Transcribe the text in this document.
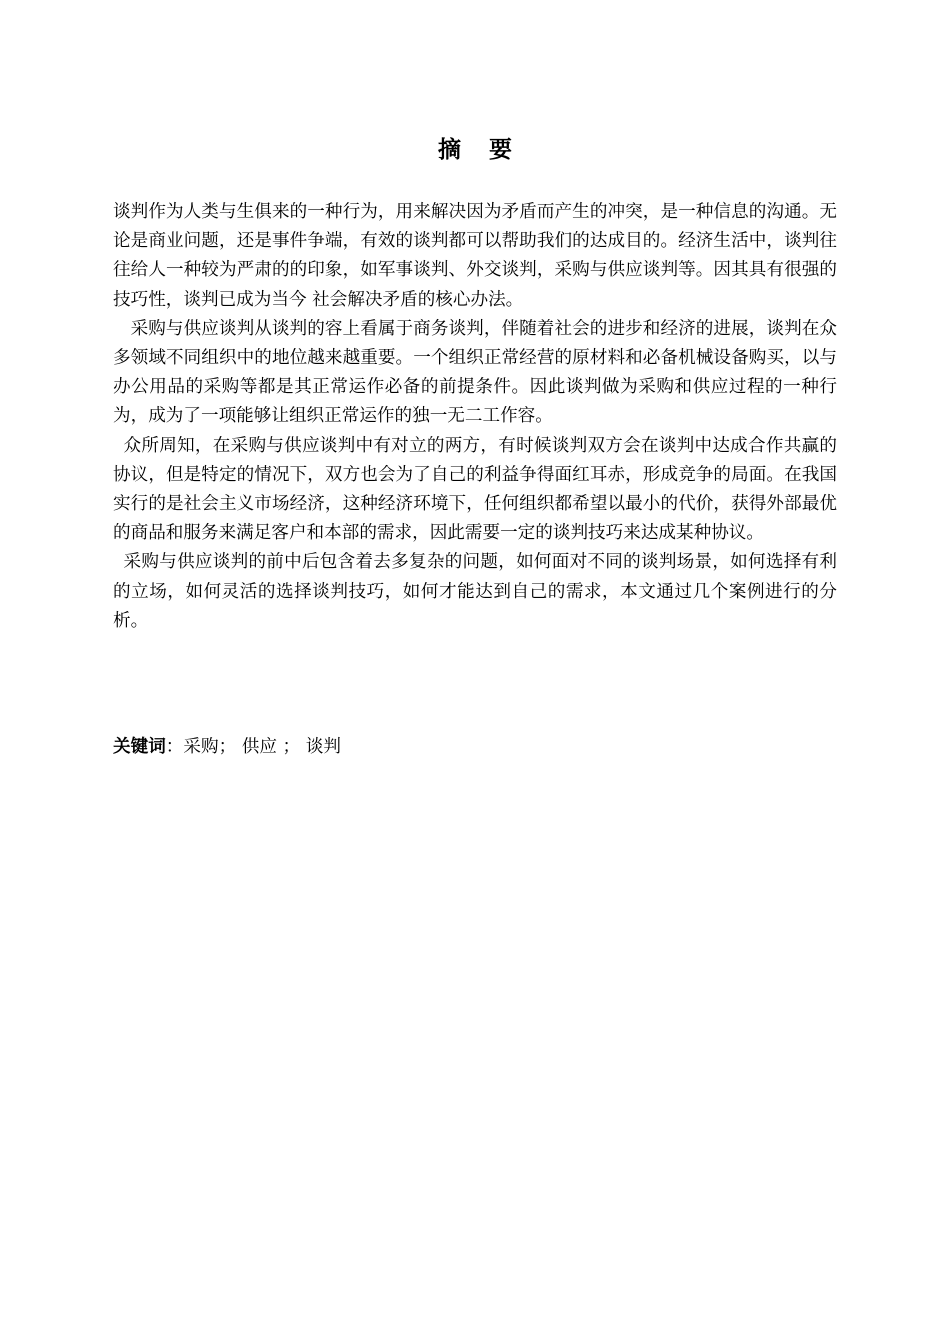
摘 要

谈判作为人类与生俱来的一种行为，用来解决因为矛盾而产生的冲突，是一种信息的沟通。无论是商业问题，还是事件争端，有效的谈判都可以帮助我们的达成目的。经济生活中，谈判往往给人一种较为严肃的的印象，如军事谈判、外交谈判，采购与供应谈判等。因其具有很强的技巧性，谈判已成为当今 社会解决矛盾的核心办法。

采购与供应谈判从谈判的容上看属于商务谈判，伴随着社会的进步和经济的进展，谈判在众多领域不同组织中的地位越来越重要。一个组织正常经营的原材料和必备机械设备购买，以与办公用品的采购等都是其正常运作必备的前提条件。因此谈判做为采购和供应过程的一种行为，成为了一项能够让组织正常运作的独一无二工作容。

众所周知，在采购与供应谈判中有对立的两方，有时候谈判双方会在谈判中达成合作共赢的协议，但是特定的情况下，双方也会为了自己的利益争得面红耳赤，形成竞争的局面。在我国实行的是社会主义市场经济，这种经济环境下，任何组织都希望以最小的代价，获得外部最优的商品和服务来满足客户和本部的需求，因此需要一定的谈判技巧来达成某种协议。

采购与供应谈判的前中后包含着去多复杂的问题，如何面对不同的谈判场景，如何选择有利的立场，如何灵活的选择谈判技巧，如何才能达到自己的需求，本文通过几个案例进行的分析。

关键词：采购； 供应 ； 谈判
